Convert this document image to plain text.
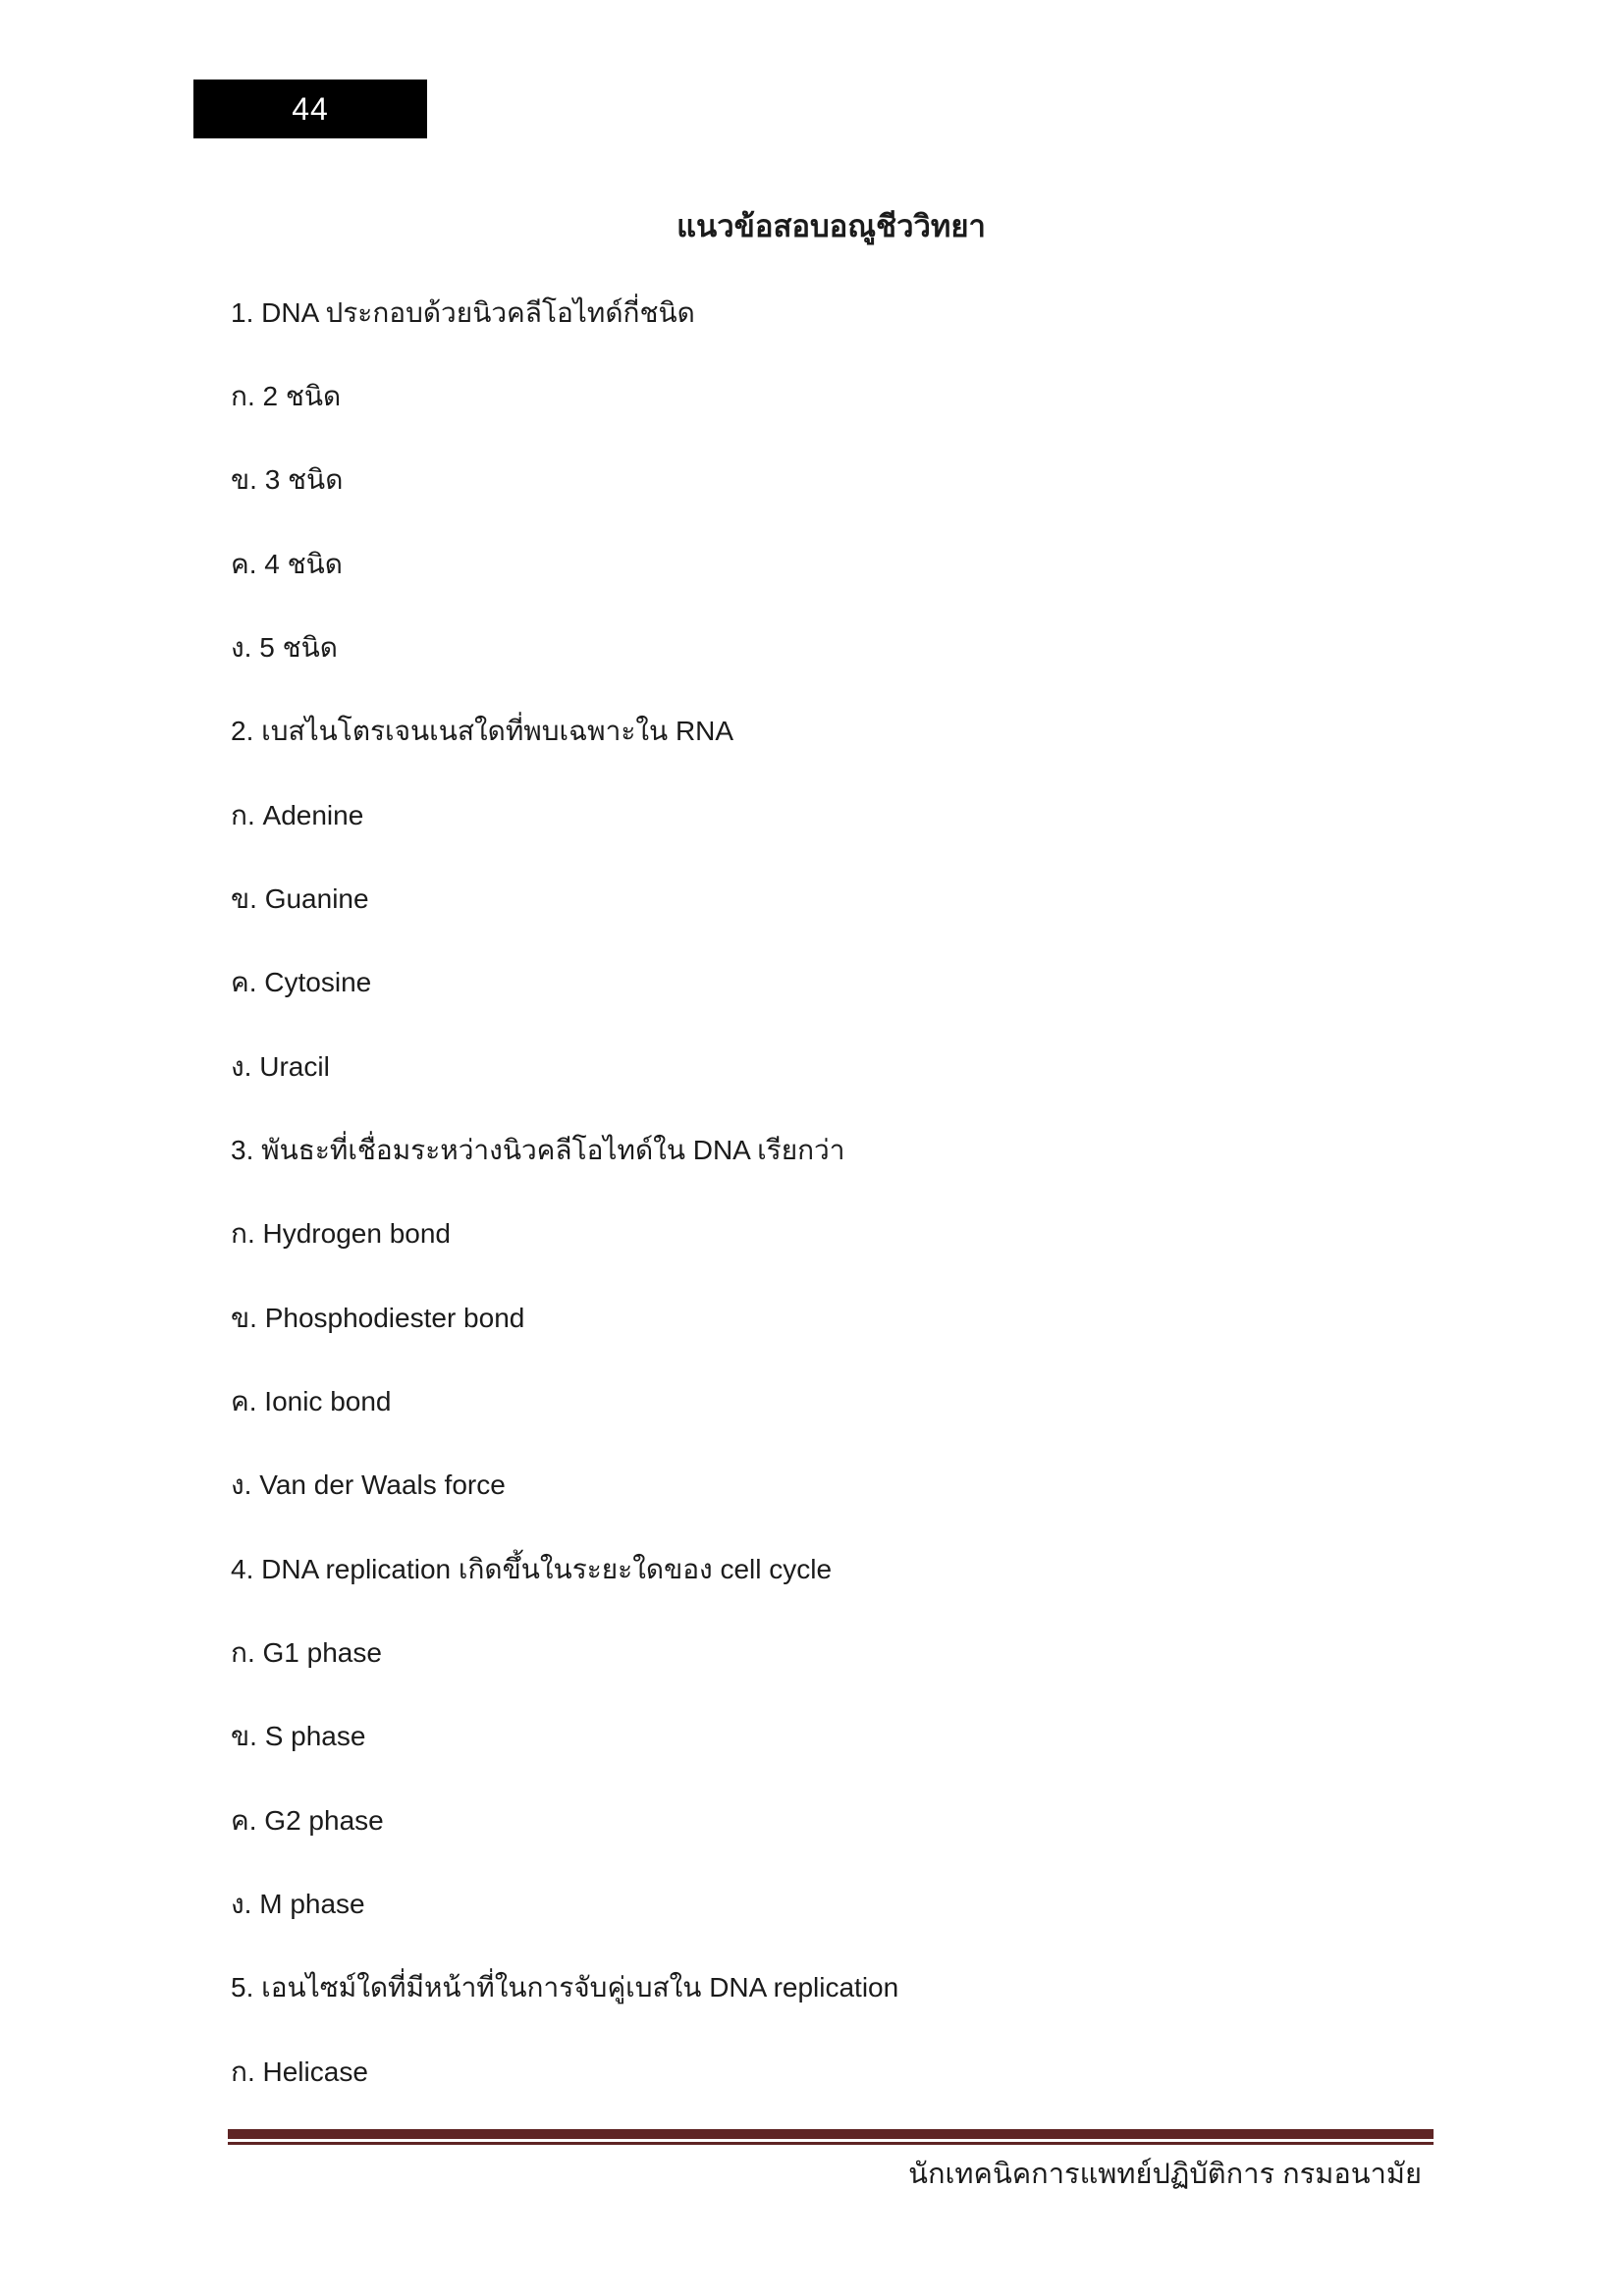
44
แนวข้อสอบอณูชีววิทยา
1. DNA ประกอบด้วยนิวคลีโอไทด์กี่ชนิด
ก. 2 ชนิด
ข. 3 ชนิด
ค. 4 ชนิด
ง. 5 ชนิด
2. เบสไนโตรเจนเนสใดที่พบเฉพาะใน RNA
ก. Adenine
ข. Guanine
ค. Cytosine
ง. Uracil
3. พันธะที่เชื่อมระหว่างนิวคลีโอไทด์ใน DNA เรียกว่า
ก. Hydrogen bond
ข. Phosphodiester bond
ค. Ionic bond
ง. Van der Waals force
4. DNA replication เกิดขึ้นในระยะใดของ cell cycle
ก. G1 phase
ข. S phase
ค. G2 phase
ง. M phase
5. เอนไซม์ใดที่มีหน้าที่ในการจับคู่เบสใน DNA replication
ก. Helicase
นักเทคนิคการแพทย์ปฏิบัติการ กรมอนามัย
